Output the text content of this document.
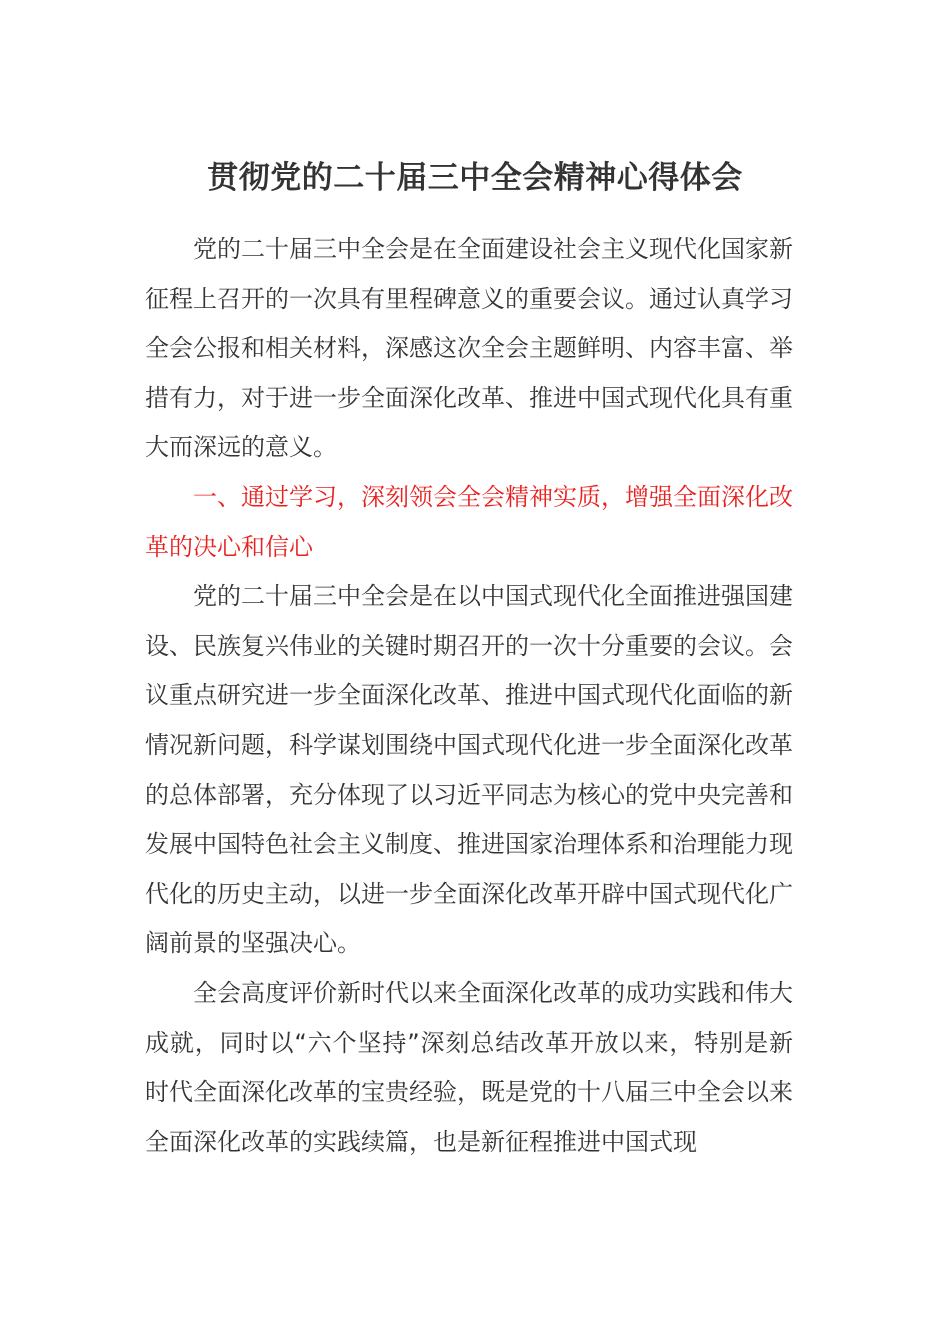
贯彻党的二十届三中全会精神心得体会

党的二十届三中全会是在全面建设社会主义现代化国家新征程上召开的一次具有里程碑意义的重要会议。通过认真学习全会公报和相关材料，深感这次全会主题鲜明、内容丰富、举措有力，对于进一步全面深化改革、推进中国式现代化具有重大而深远的意义。

一、通过学习，深刻领会全会精神实质，增强全面深化改革的决心和信心

党的二十届三中全会是在以中国式现代化全面推进强国建设、民族复兴伟业的关键时期召开的一次十分重要的会议。会议重点研究进一步全面深化改革、推进中国式现代化面临的新情况新问题，科学谋划围绕中国式现代化进一步全面深化改革的总体部署，充分体现了以习近平同志为核心的党中央完善和发展中国特色社会主义制度、推进国家治理体系和治理能力现代化的历史主动，以进一步全面深化改革开辟中国式现代化广阔前景的坚强决心。

全会高度评价新时代以来全面深化改革的成功实践和伟大成就，同时以“六个坚持”深刻总结改革开放以来，特别是新时代全面深化改革的宝贵经验，既是党的十八届三中全会以来全面深化改革的实践续篇，也是新征程推进中国式现
